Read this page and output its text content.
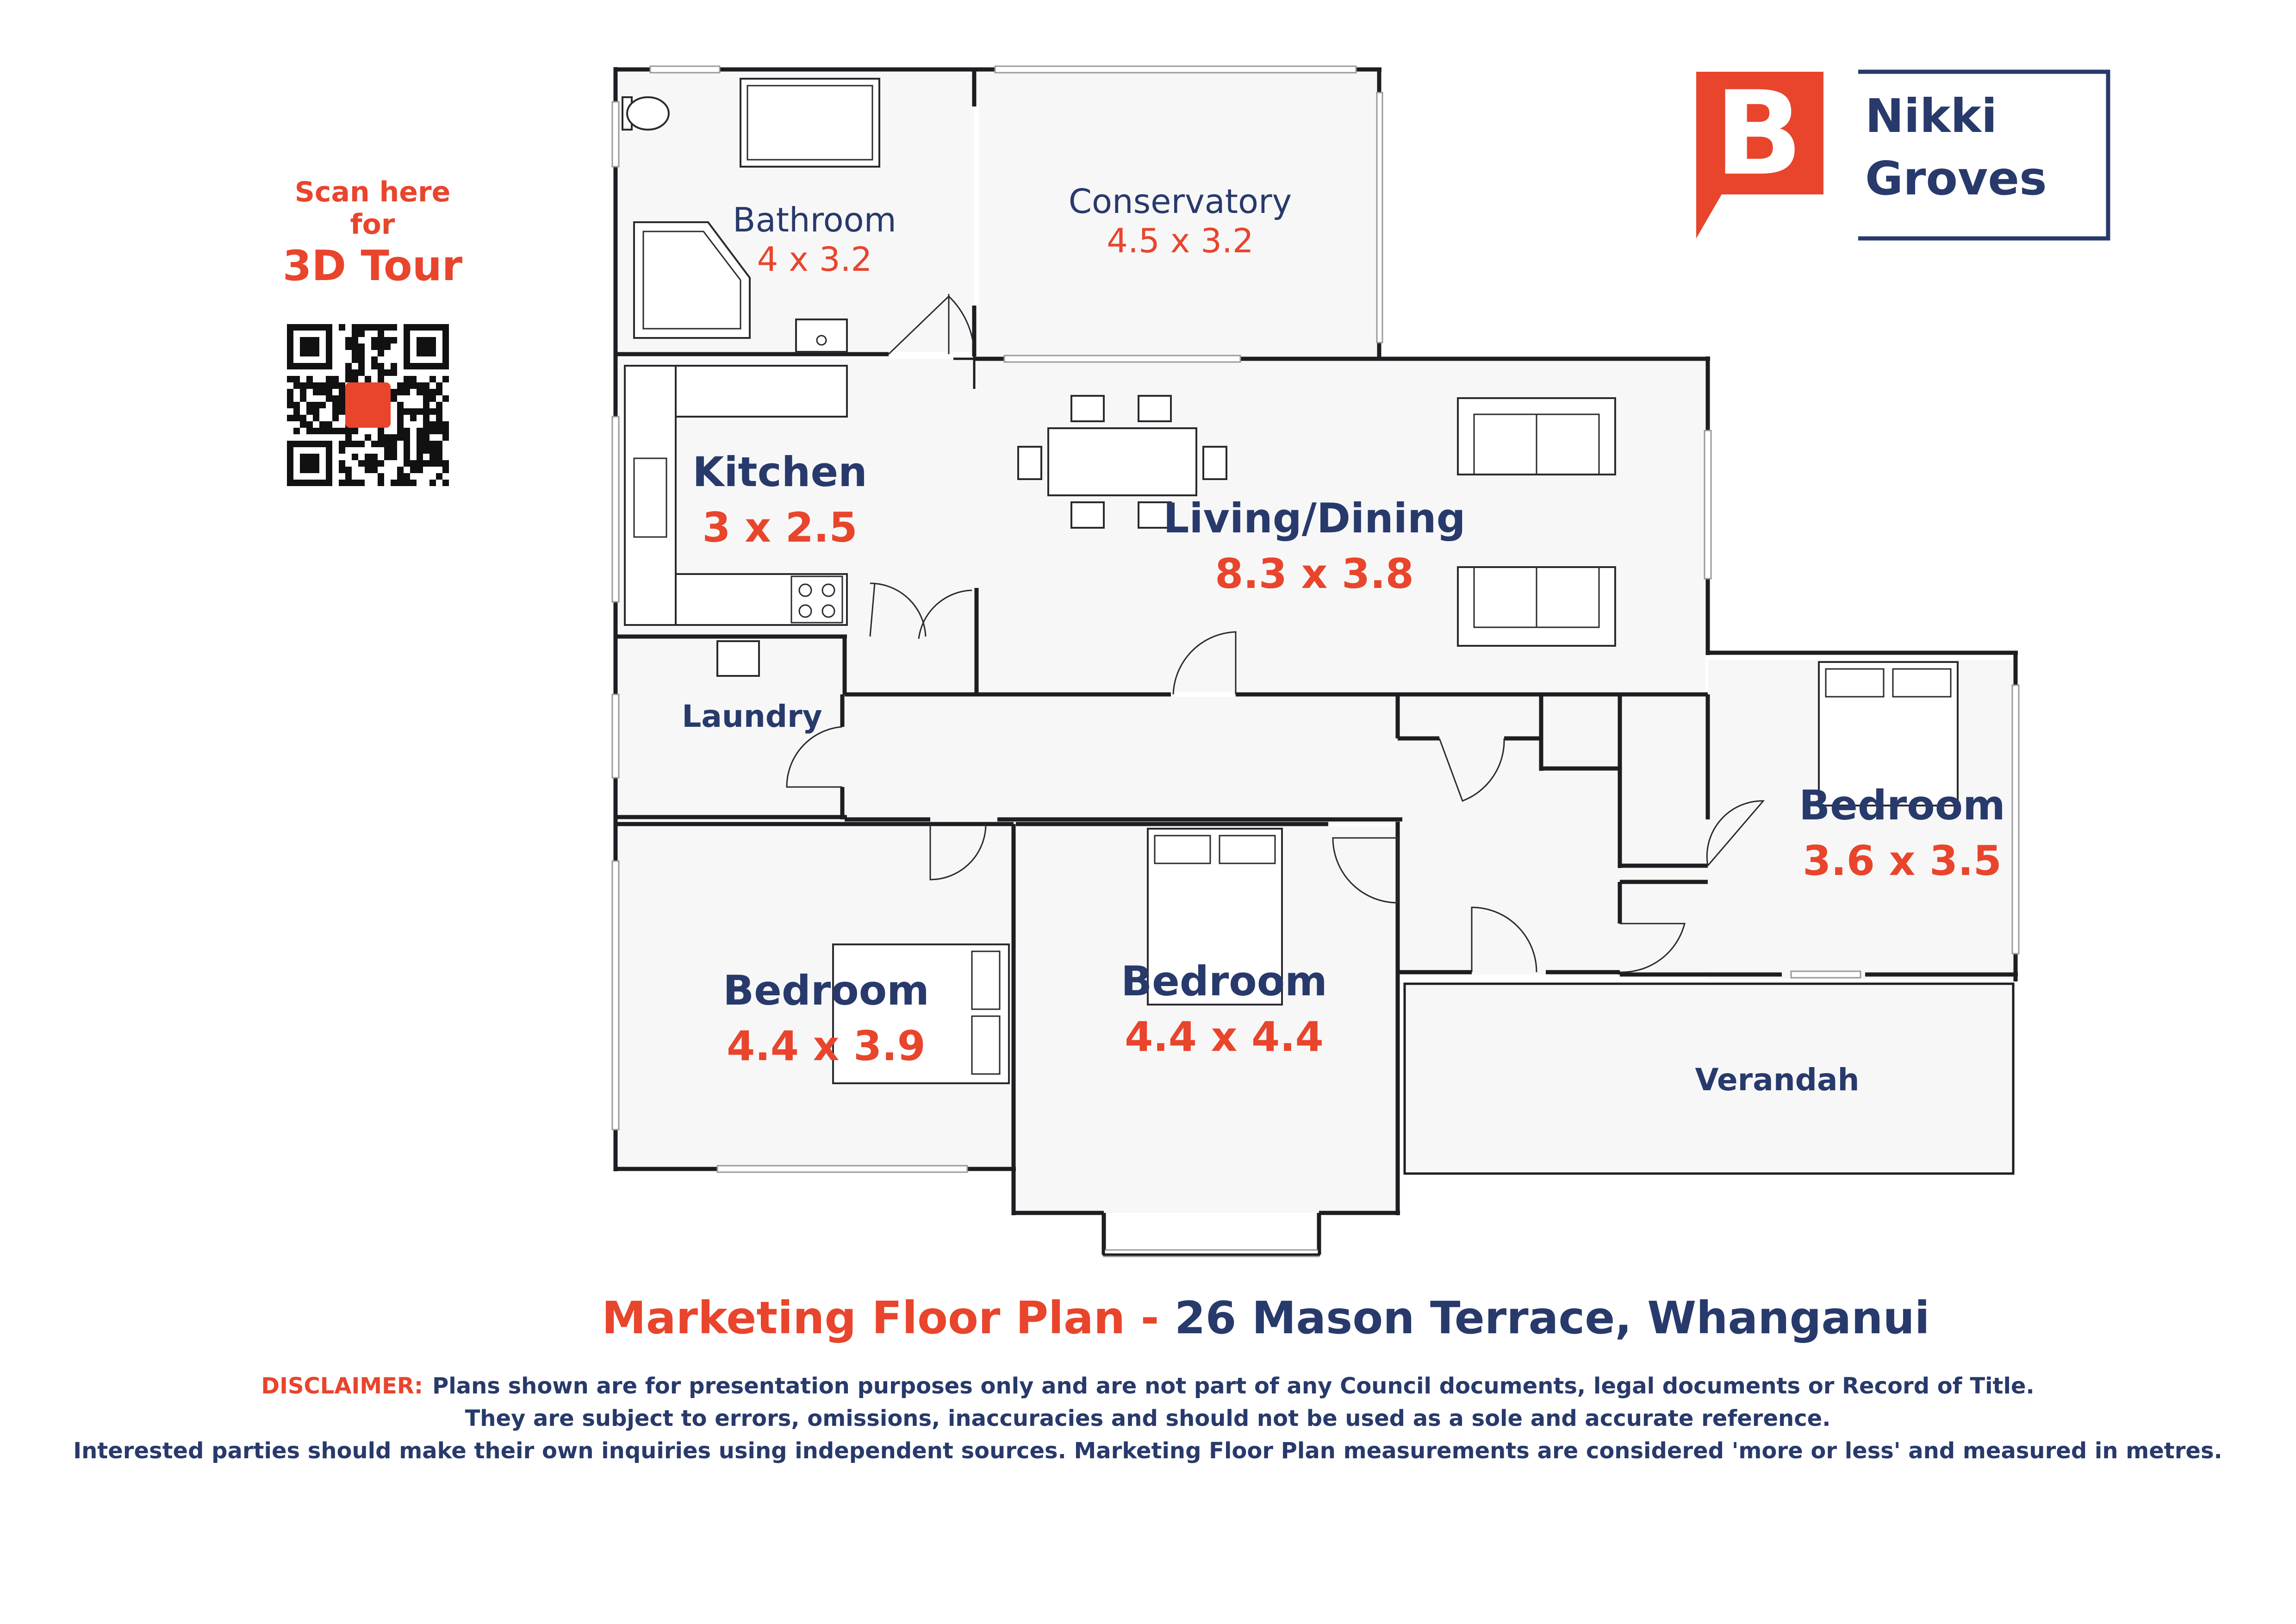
Bathroom
4 x 3.2
Conservatory
4.5 x 3.2
Kitchen
3 x 2.5	Living/Dining
8.3 x 3.8
Laundry
Bedroom
3.6 x 3.5
Bedroom
4.4 x 3.9
Bedroom
4.4 x 4.4
Verandah
Scan here
for
3D Tour
B Nikki
Groves
Marketing Floor Plan - 26 Mason Terrace, Whanganui
DISCLAIMER: Plans shown are for presentation purposes only and are not part of any Council documents, legal documents or Record of Title.
They are subject to errors, omissions, inaccuracies and should not be used as a sole and accurate reference.
Interested parties should make their own inquiries using independent sources. Marketing Floor Plan measurements are considered 'more or less' and measured in metres.
